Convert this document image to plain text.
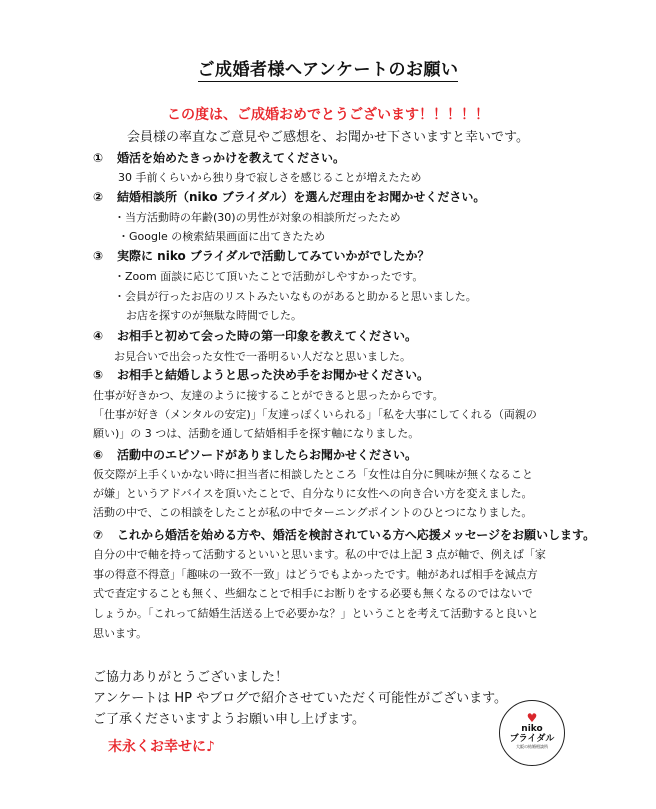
ご成婚者様へアンケートのお願い
この度は、ご成婚おめでとうございます！！！！！
会員様の率直なご意見やご感想を、お聞かせ下さいますと幸いです。
① 婚活を始めたきっかけを教えてください。
30 手前くらいから独り身で寂しさを感じることが増えたため
② 結婚相談所（niko ブライダル）を選んだ理由をお聞かせください。
・当方活動時の年齢(30)の男性が対象の相談所だったため
・Google の検索結果画面に出てきたため
③ 実際に niko ブライダルで活動してみていかがでしたか？
・Zoom 面談に応じて頂いたことで活動がしやすかったです。
・会員が行ったお店のリストみたいなものがあると助かると思いました。
お店を探すのが無駄な時間でした。
④ お相手と初めて会った時の第一印象を教えてください。
お見合いで出会った女性で一番明るい人だなと思いました。
⑤ お相手と結婚しようと思った決め手をお聞かせください。
仕事が好きかつ、友達のように接することができると思ったからです。
「仕事が好き（メンタルの安定)」「友達っぽくいられる」「私を大事にしてくれる（両親の
願い)」の 3 つは、活動を通して結婚相手を探す軸になりました。
⑥ 活動中のエピソードがありましたらお聞かせください。
仮交際が上手くいかない時に担当者に相談したところ「女性は自分に興味が無くなること
が嫌」というアドバイスを頂いたことで、自分なりに女性への向き合い方を変えました。
活動の中で、この相談をしたことが私の中でターニングポイントのひとつになりました。
⑦ これから婚活を始める方や、婚活を検討されている方へ応援メッセージをお願いします。
自分の中で軸を持って活動するといいと思います。私の中では上記 3 点が軸で、例えば「家
事の得意不得意」「趣味の一致不一致」はどうでもよかったです。軸があれば相手を減点方
式で査定することも無く、些細なことで相手にお断りをする必要も無くなるのではないで
しょうか。「これって結婚生活送る上で必要かな？」ということを考えて活動すると良いと
思います。
ご協力ありがとうございました！
アンケートは HP やブログで紹介させていただく可能性がございます。
ご了承くださいますようお願い申し上げます。
末永くお幸せに♪
♥
niko
ブライダル
大阪の結婚相談所
